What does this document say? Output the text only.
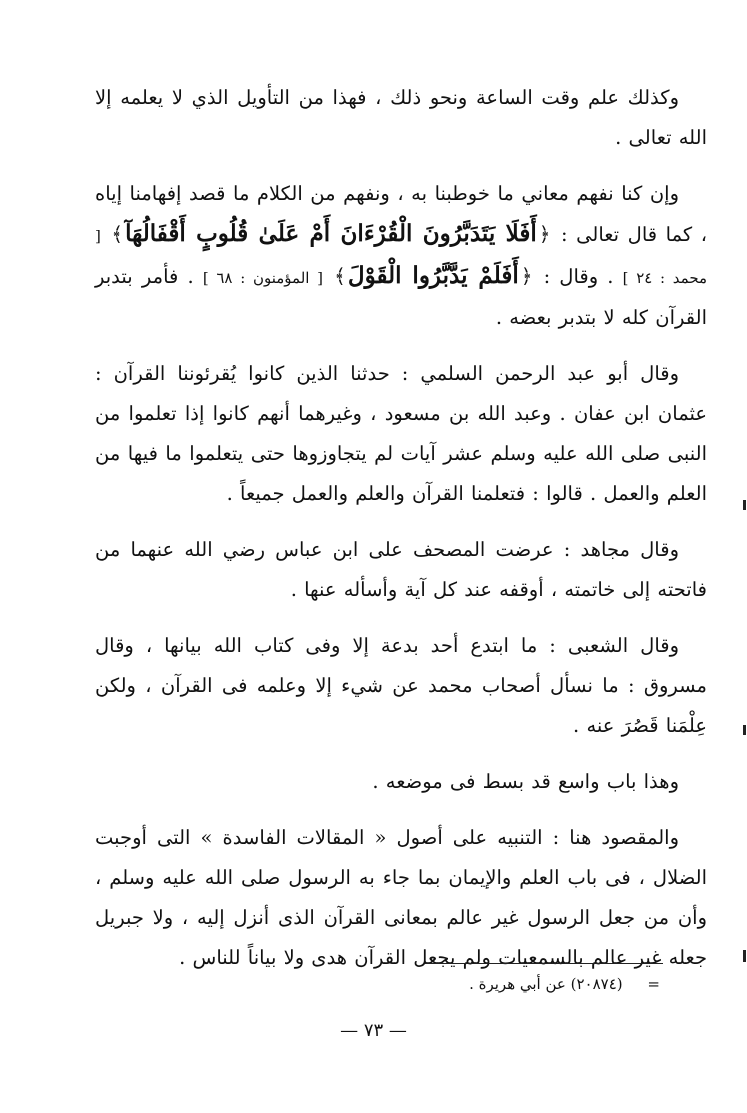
وكذلك علم وقت الساعة ونحو ذلك ، فهذا من التأويل الذي لا يعلمه إلا الله تعالى .

وإن كنا نفهم معاني ما خوطبنا به ، ونفهم من الكلام ما قصد إفهامنا إياه ، كما قال تعالى : ﴿أَفَلَا يَتَدَبَّرُونَ الْقُرْءَانَ أَمْ عَلَىٰ قُلُوبٍ أَقْفَالُهَآ﴾ [ محمد : ٢٤ ] . وقال : ﴿أَفَلَمْ يَدَّبَّرُوا الْقَوْلَ﴾ [ المؤمنون : ٦٨ ] . فأمر بتدبر القرآن كله لا بتدبر بعضه .

وقال أبو عبد الرحمن السلمي : حدثنا الذين كانوا يُقرئوننا القرآن : عثمان ابن عفان . وعبد الله بن مسعود ، وغيرهما أنهم كانوا إذا تعلموا من النبى صلى الله عليه وسلم عشر آيات لم يتجاوزوها حتى يتعلموا ما فيها من العلم والعمل . قالوا : فتعلمنا القرآن والعلم والعمل جميعاً .

وقال مجاهد : عرضت المصحف على ابن عباس رضي الله عنهما من فاتحته إلى خاتمته ، أوقفه عند كل آية وأسأله عنها .

وقال الشعبى : ما ابتدع أحد بدعة إلا وفى كتاب الله بيانها ، وقال مسروق : ما نسأل أصحاب محمد عن شيء إلا وعلمه فى القرآن ، ولكن عِلْمَنا قَصُرَ عنه .

وهذا باب واسع قد بسط فى موضعه .

والمقصود هنا : التنبيه على أصول « المقالات الفاسدة » التى أوجبت الضلال ، فى باب العلم والإيمان بما جاء به الرسول صلى الله عليه وسلم ، وأن من جعل الرسول غير عالم بمعانى القرآن الذى أنزل إليه ، ولا جبريل جعله غير عالم بالسمعيات ولم يجعل القرآن هدى ولا بياناً للناس .

= (٢٠٨٧٤) عن أبي هريرة .
— ٧٣ —
